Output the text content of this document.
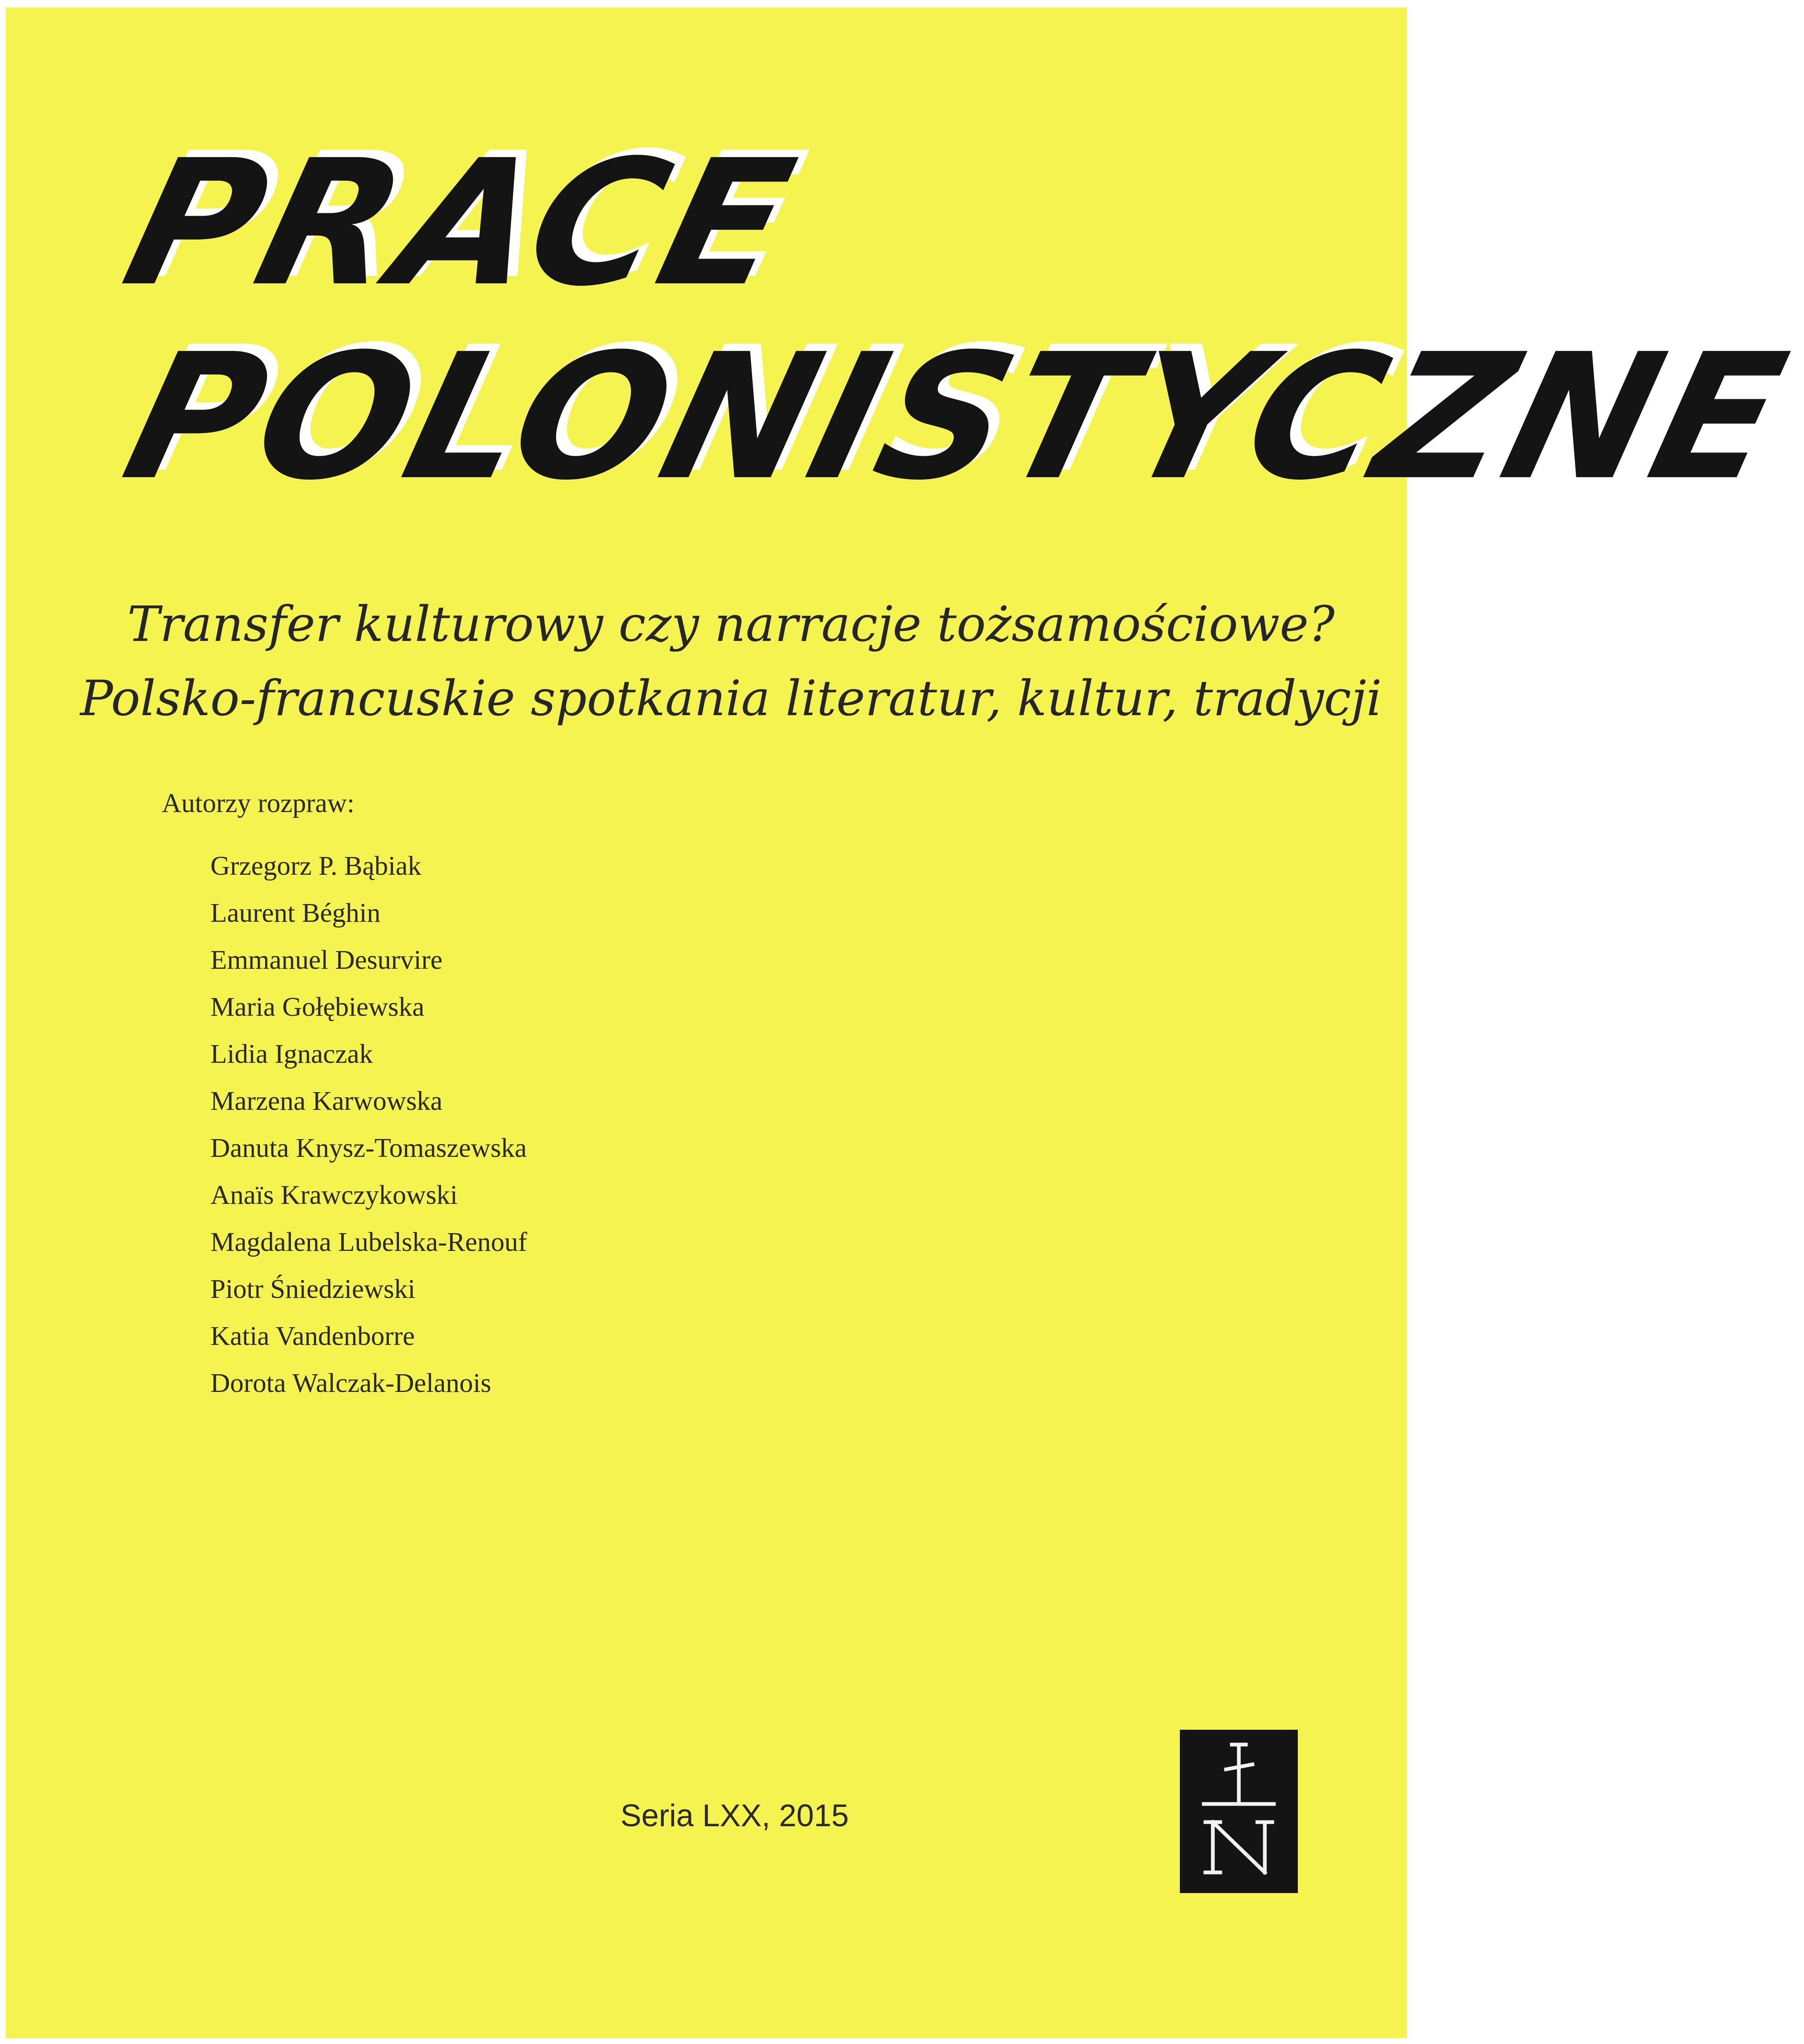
PRACE
POLONISTYCZNE
Transfer kulturowy czy narracje tożsamościowe?
Polsko-francuskie spotkania literatur, kultur, tradycji
Autorzy rozpraw:
Grzegorz P. Bąbiak
Laurent Béghin
Emmanuel Desurvire
Maria Gołębiewska
Lidia Ignaczak
Marzena Karwowska
Danuta Knysz-Tomaszewska
Anaïs Krawczykowski
Magdalena Lubelska-Renouf
Piotr Śniedziewski
Katia Vandenborre
Dorota Walczak-Delanois
Seria LXX, 2015
